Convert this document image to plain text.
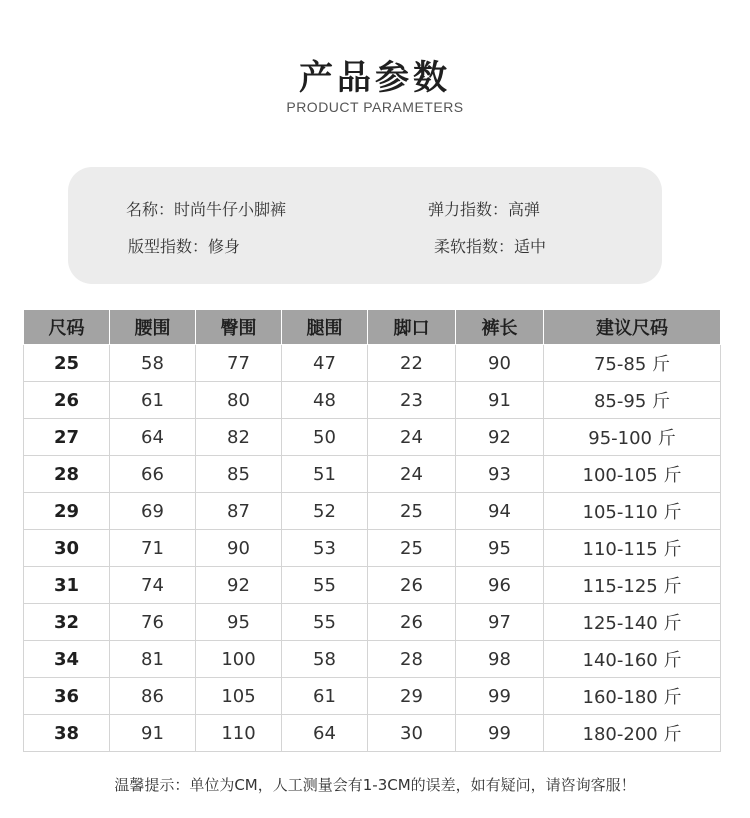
产品参数
PRODUCT PARAMETERS
名称：时尚牛仔小脚裤	弹力指数：高弹
版型指数：修身	柔软指数：适中
尺码	腰围	臀围	腿围	脚口	裤长	建议尺码
25	58	77	47	22	90	75-85 斤
26	61	80	48	23	91	85-95 斤
27	64	82	50	24	92	95-100 斤
28	66	85	51	24	93	100-105 斤
29	69	87	52	25	94	105-110 斤
30	71	90	53	25	95	110-115 斤
31	74	92	55	26	96	115-125 斤
32	76	95	55	26	97	125-140 斤
34	81	100	58	28	98	140-160 斤
36	86	105	61	29	99	160-180 斤
38	91	110	64	30	99	180-200 斤
温馨提示：单位为CM，人工测量会有1-3CM的误差，如有疑问，请咨询客服！
